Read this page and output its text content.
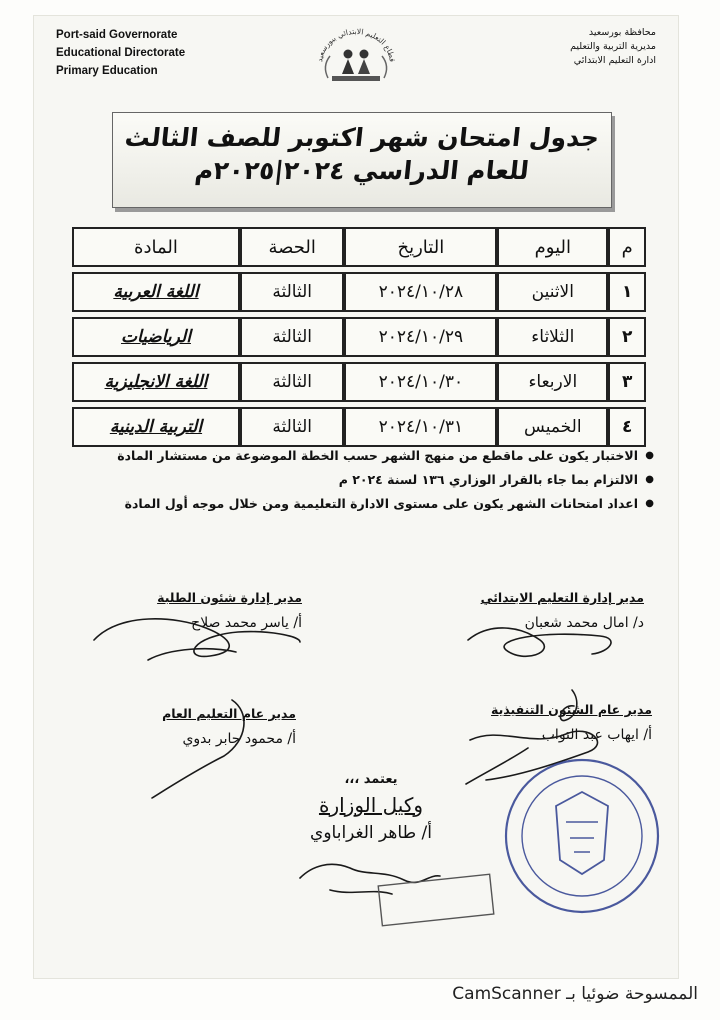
Port-said Governorate
Educational Directorate
Primary Education
محافظة بورسعيد
مديرية التربية والتعليم
ادارة التعليم الابتدائي
قطاع التعليم الابتدائي ببورسعيد
جدول امتحان شهر اكتوبر للصف الثالث
للعام الدراسي ٢٠٢٤|٢٠٢٥م
م	اليوم	التاريخ	الحصة	المادة
١	الاثنين	٢٠٢٤/١٠/٢٨	الثالثة	اللغة العربية
٢	الثلاثاء	٢٠٢٤/١٠/٢٩	الثالثة	الرياضيات
٣	الاربعاء	٢٠٢٤/١٠/٣٠	الثالثة	اللغة الانجليزية
٤	الخميس	٢٠٢٤/١٠/٣١	الثالثة	التربية الدينية
● الاختبار يكون على ماقطع من منهج الشهر حسب الخطة الموضوعة من مستشار المادة
● الالتزام بما جاء بالقرار الوزاري ١٣٦ لسنة ٢٠٢٤ م
● اعداد امتحانات الشهر يكون على مستوى الادارة التعليمية ومن خلال موجه أول المادة
مدير إدارة التعليم الابتدائي
د/ امال محمد شعبان
مدير إدارة شئون الطلبة
أ/ ياسر محمد صلاح
مدير عام الشئون التنفيذية
أ/ ايهاب عبد التواب
مدير عام التعليم العام
أ/ محمود جابر بدوي
يعتمد ،،،
وكيل الوزارة
أ/ طاهر الغراباوي
الممسوحة ضوئيا بـ CamScanner
